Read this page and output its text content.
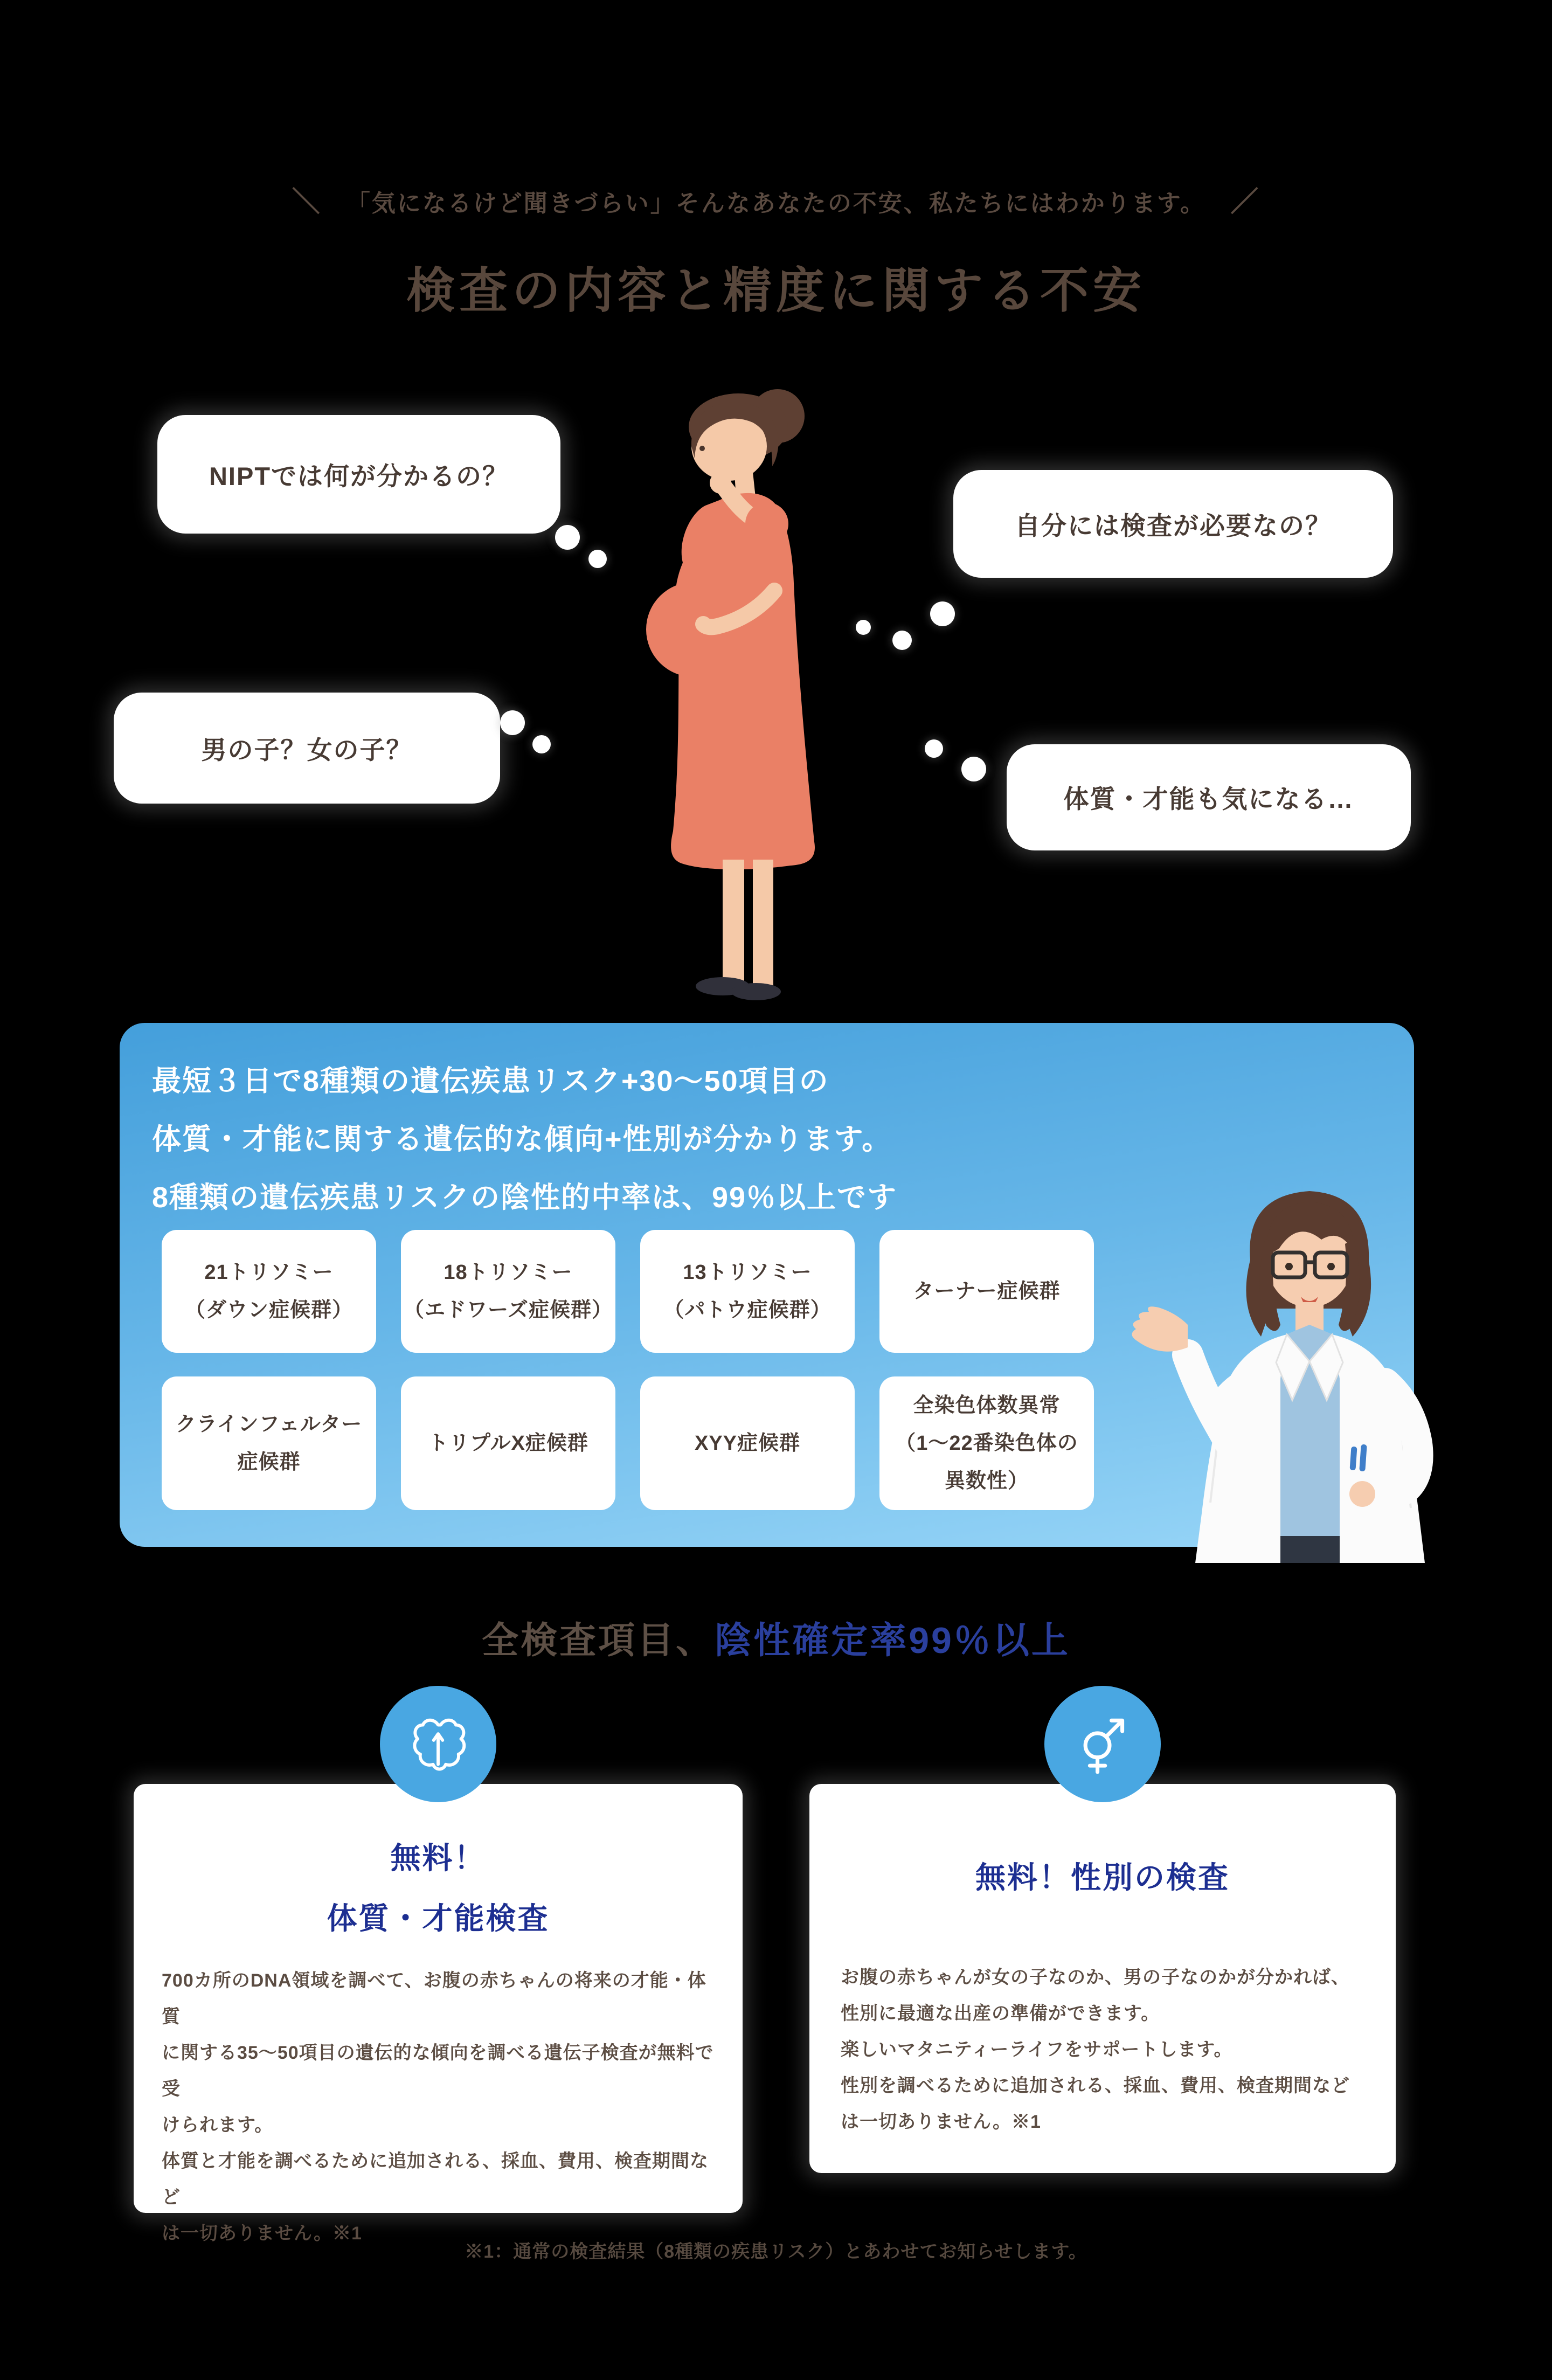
＼ 「気になるけど聞きづらい」そんなあなたの不安、私たちにはわかります。 ／
検査の内容と精度に関する不安
NIPTでは何が分かるの？
自分には検査が必要なの？
男の子？女の子？
体質・才能も気になる…
最短３日で8種類の遺伝疾患リスク+30〜50項目の
体質・才能に関する遺伝的な傾向+性別が分かります。
8種類の遺伝疾患リスクの陰性的中率は、99％以上です
21トリソミー
（ダウン症候群）
18トリソミー
（エドワーズ症候群）
13トリソミー
（パトウ症候群）
ターナー症候群
クラインフェルター
症候群
トリプルX症候群	XYY症候群
全染色体数異常
（1〜22番染色体の
異数性）
全検査項目、陰性確定率99％以上
無料！
体質・才能検査
700カ所のDNA領域を調べて、お腹の赤ちゃんの将来の才能・体質
に関する35〜50項目の遺伝的な傾向を調べる遺伝子検査が無料で受
けられます。
体質と才能を調べるために追加される、採血、費用、検査期間など
は一切ありません。※1
無料！性別の検査
お腹の赤ちゃんが女の子なのか、男の子なのかが分かれば、
性別に最適な出産の準備ができます。
楽しいマタニティーライフをサポートします。
性別を調べるために追加される、採血、費用、検査期間など
は一切ありません。※1
※1：通常の検査結果（8種類の疾患リスク）とあわせてお知らせします。
